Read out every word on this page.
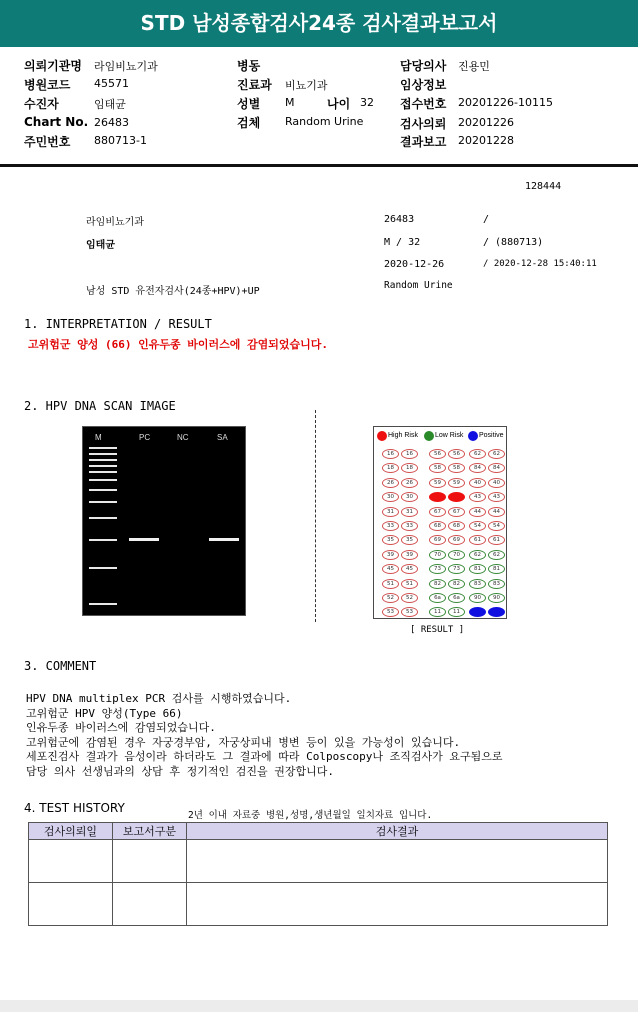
STD 남성종합검사24종 검사결과보고서
의뢰기관명 라임비뇨기과
병원코드 45571
수진자	임태균
Chart No. 26483
주민번호 880713-1
병동
진료과 비뇨기과
성별 M	나이 32
검체 Random Urine
담당의사 진용민
임상정보
접수번호 20201226-10115
검사의뢰 20201226
결과보고 20201228
128444
라임비뇨기과	26483	/
임태균	M / 32	/ (880713)
2020-12-26	/ 2020-12-28 15:40:11
남성 STD 유전자검사(24종+HPV)+UP
Random Urine
1. INTERPRETATION / RESULT
고위험군 양성 (66) 인유두종 바이러스에 감염되었습니다.
2. HPV DNA SCAN IMAGE
M	PC	NC	SA	High Risk Low Risk Positive
16	16	56	56	62	62
18	18	58	58	84	84
26	26	59	59	40	40
30	30	66	66	43	43
31	31	67	67	44	44
33	33	68	68	54	54
35	35	69	69	61	61
39	39	70	70	62	62
45	45	73	73	81	81
51	51	82	82	83	83
52	52	6a	6a	90	90
53	53	11	11
[ RESULT ]
3. COMMENT
HPV DNA multiplex PCR 검사를 시행하였습니다.
고위험군 HPV 양성(Type 66)
인유두종 바이러스에 감염되었습니다.
고위험군에 감염된 경우 자궁경부암, 자궁상피내 병변 등이 있을 가능성이 있습니다.
세포진검사 결과가 음성이라 하더라도 그 결과에 따라 Colposcopy나 조직검사가 요구됨으로
담당 의사 선생님과의 상담 후 정기적인 검진을 권장합니다.
4. TEST HISTORY
2년 이내 자료중 병원,성명,생년월일 일치자료 입니다.
검사의뢰일	보고서구분	검사결과
